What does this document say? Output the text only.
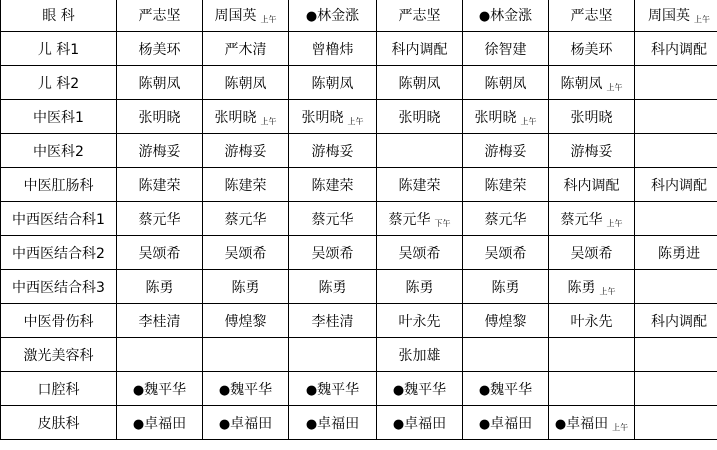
眼 科	严志坚	周国英 上午	●林金涨	严志坚	●林金涨	严志坚	周国英 上午
儿 科1	杨美环	严木清	曾橹炜	科内调配	徐智建	杨美环	科内调配
儿 科2	陈朝凤	陈朝凤	陈朝凤	陈朝凤	陈朝凤	陈朝凤 上午	
中医科1	张明晓	张明晓 上午	张明晓 上午	张明晓	张明晓 上午	张明晓	
中医科2	游梅妥	游梅妥	游梅妥		游梅妥	游梅妥	
中医肛肠科	陈建荣	陈建荣	陈建荣	陈建荣	陈建荣	科内调配	科内调配
中西医结合科1	蔡元华	蔡元华	蔡元华	蔡元华 下午	蔡元华	蔡元华 上午	
中西医结合科2	吴颂希	吴颂希	吴颂希	吴颂希	吴颂希	吴颂希	陈勇进
中西医结合科3	陈勇	陈勇	陈勇	陈勇	陈勇	陈勇 上午	
中医骨伤科	李桂清	傅煌黎	李桂清	叶永先	傅煌黎	叶永先	科内调配
激光美容科				张加雄			
口腔科	●魏平华	●魏平华	●魏平华	●魏平华	●魏平华		
皮肤科	●卓福田	●卓福田	●卓福田	●卓福田	●卓福田	●卓福田 上午	
